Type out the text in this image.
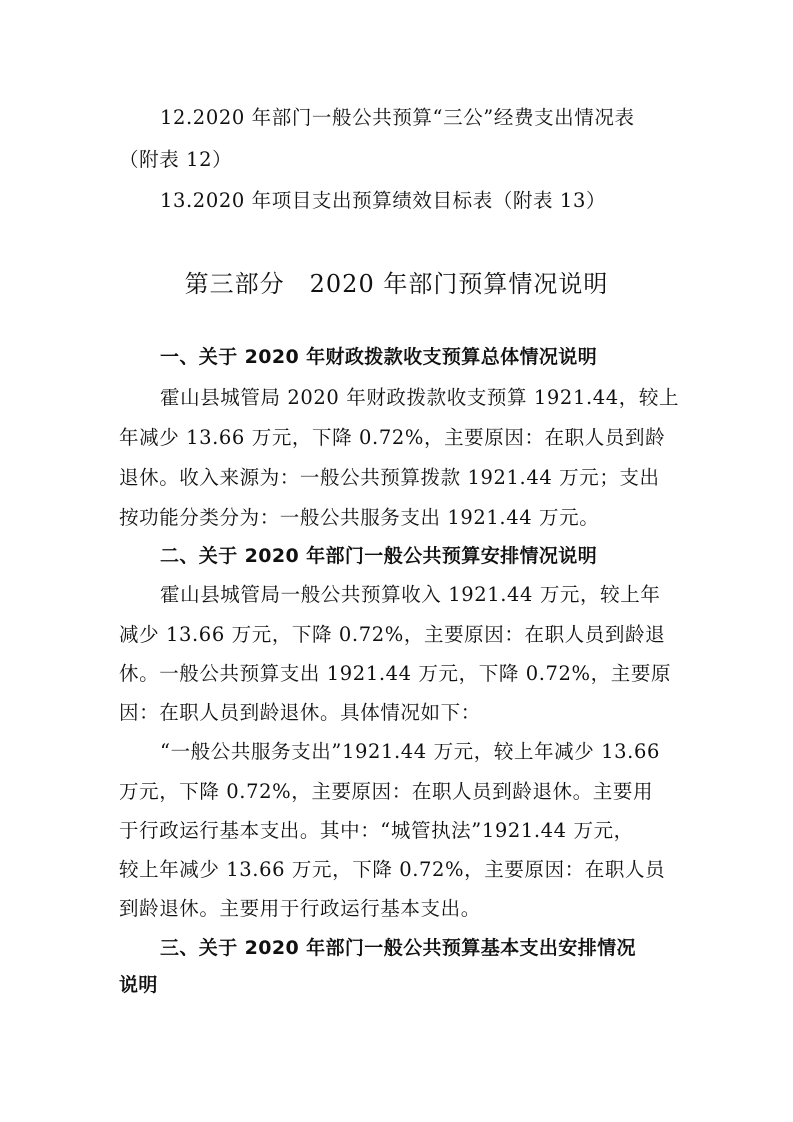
12.2020 年部门一般公共预算“三公”经费支出情况表
（附表 12）
13.2020 年项目支出预算绩效目标表（附表 13）
第三部分　2020 年部门预算情况说明
一、关于 2020 年财政拨款收支预算总体情况说明
霍山县城管局 2020 年财政拨款收支预算 1921.44，较上
年减少 13.66 万元，下降 0.72%，主要原因：在职人员到龄
退休。收入来源为：一般公共预算拨款 1921.44 万元；支出
按功能分类分为：一般公共服务支出 1921.44 万元。
二、关于 2020 年部门一般公共预算安排情况说明
霍山县城管局一般公共预算收入 1921.44 万元，较上年
减少 13.66 万元，下降 0.72%，主要原因：在职人员到龄退
休。一般公共预算支出 1921.44 万元，下降 0.72%，主要原
因：在职人员到龄退休。具体情况如下：
“一般公共服务支出”1921.44 万元，较上年减少 13.66
万元，下降 0.72%，主要原因：在职人员到龄退休。主要用
于行政运行基本支出。其中：“城管执法”1921.44 万元，
较上年减少 13.66 万元，下降 0.72%，主要原因：在职人员
到龄退休。主要用于行政运行基本支出。
三、关于 2020 年部门一般公共预算基本支出安排情况
说明
